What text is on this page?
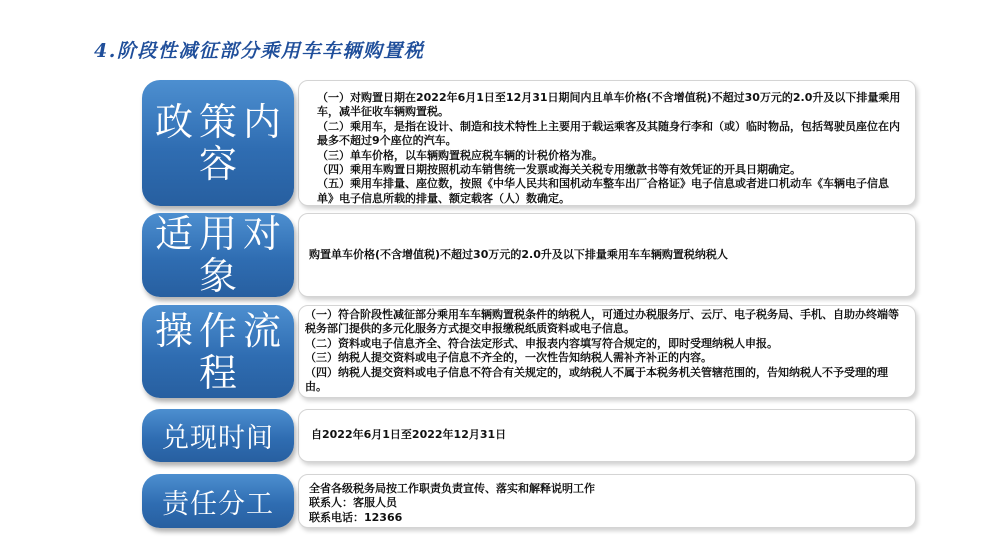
4.阶段性减征部分乘用车车辆购置税

（一）对购置日期在2022年6月1日至12月31日期间内且单车价格(不含增值税)不超过30万元的2.0升及以下排量乘用车，减半征收车辆购置税。

（二）乘用车，是指在设计、制造和技术特性上主要用于载运乘客及其随身行李和（或）临时物品，包括驾驶员座位在内最多不超过9个座位的汽车。

（三）单车价格，以车辆购置税应税车辆的计税价格为准。

（四）乘用车购置日期按照机动车销售统一发票或海关关税专用缴款书等有效凭证的开具日期确定。

（五）乘用车排量、座位数，按照《中华人民共和国机动车整车出厂合格证》电子信息或者进口机动车《车辆电子信息单》电子信息所载的排量、额定载客（人）数确定。

政策内容
购置单车价格(不含增值税)不超过30万元的2.0升及以下排量乘用车车辆购置税纳税人
适用对象

（一）符合阶段性减征部分乘用车车辆购置税条件的纳税人，可通过办税服务厅、云厅、电子税务局、手机、自助办终端等税务部门提供的多元化服务方式提交申报缴税纸质资料或电子信息。

（二）资料或电子信息齐全、符合法定形式、申报表内容填写符合规定的，即时受理纳税人申报。

（三）纳税人提交资料或电子信息不齐全的，一次性告知纳税人需补齐补正的内容。

（四）纳税人提交资料或电子信息不符合有关规定的，或纳税人不属于本税务机关管辖范围的，告知纳税人不予受理的理由。

操作流程
自2022年6月1日至2022年12月31日
兑现时间

全省各级税务局按工作职责负责宣传、落实和解释说明工作

联系人：客服人员

联系电话：12366

责任分工
